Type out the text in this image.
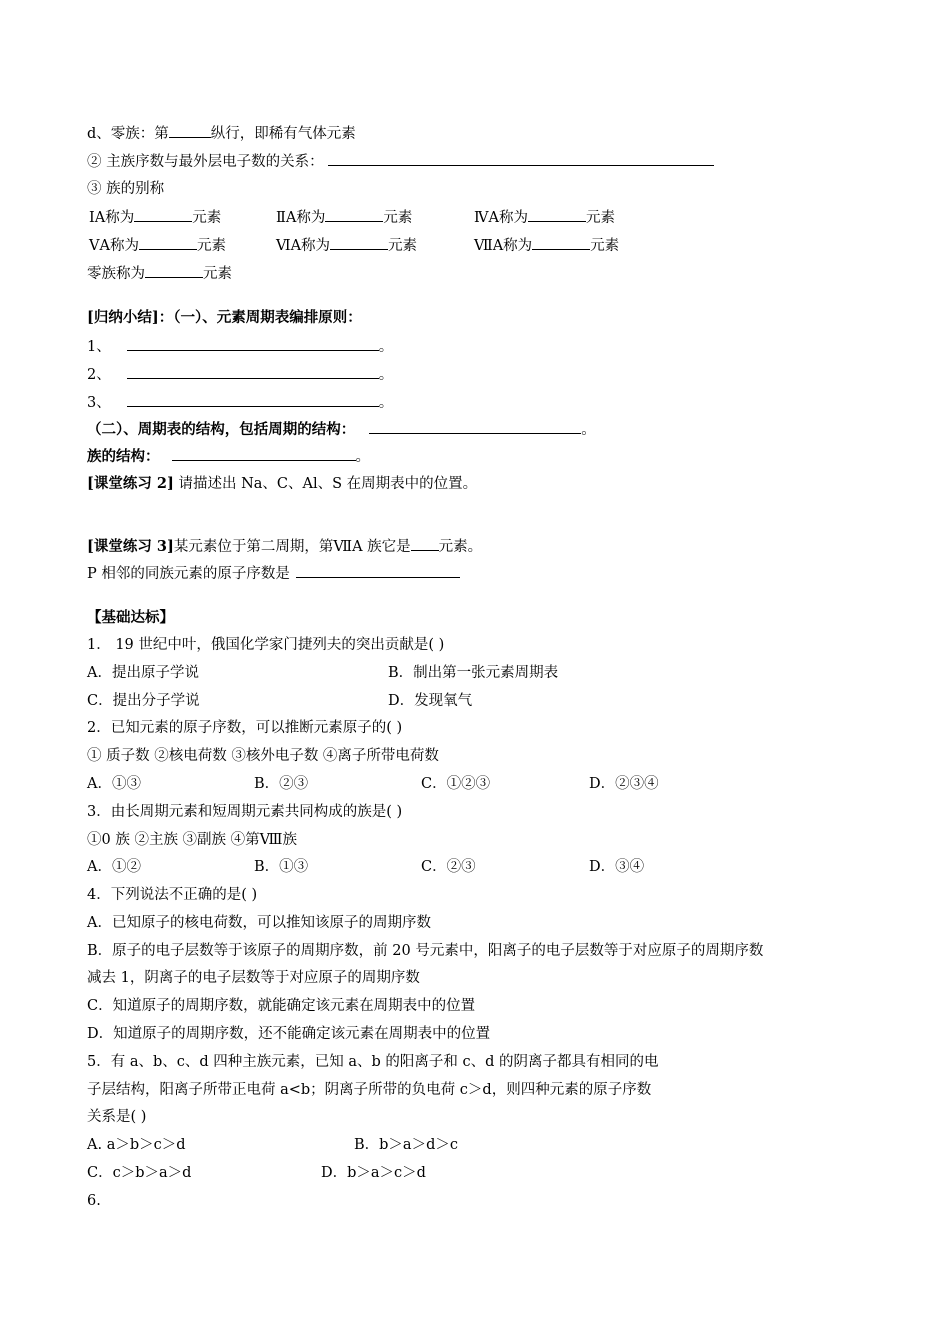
d、零族：第	纵行，即稀有气体元素
② 主族序数与最外层电子数的关系：
③ 族的别称
ⅠA称为	元素	ⅡA称为	元素	ⅣA称为	元素
ⅤA称为	元素	ⅥA称为	元素	ⅦA称为	元素
零族称为	元素
[归纳小结]：（一）、元素周期表编排原则：
1、	。
2、	。
3、	。
（二）、周期表的结构，包括周期的结构：	。
族的结构：	。
[课堂练习 2] 请描述出 Na、C、Al、S 在周期表中的位置。
[课堂练习 3]某元素位于第二周期，第ⅦA 族它是 元素。
P 相邻的同族元素的原子序数是
【基础达标】
1． 19 世纪中叶，俄国化学家门捷列夫的突出贡献是( )
A．提出原子学说	B．制出第一张元素周期表
C．提出分子学说	D．发现氧气
2．已知元素的原子序数，可以推断元素原子的( )
① 质子数 ②核电荷数 ③核外电子数 ④离子所带电荷数
A．①③	B．②③	C．①②③	D．②③④
3．由长周期元素和短周期元素共同构成的族是( )
①0 族 ②主族 ③副族 ④第Ⅷ族
A．①②	B．①③	C．②③	D．③④
4．下列说法不正确的是( )
A．已知原子的核电荷数，可以推知该原子的周期序数
B．原子的电子层数等于该原子的周期序数，前 20 号元素中，阳离子的电子层数等于对应原子的周期序数
减去 1，阴离子的电子层数等于对应原子的周期序数
C．知道原子的周期序数，就能确定该元素在周期表中的位置
D．知道原子的周期序数，还不能确定该元素在周期表中的位置
5．有 a、b、c、d 四种主族元素，已知 a、b 的阳离子和 c、d 的阴离子都具有相同的电
子层结构，阳离子所带正电荷 a<b；阴离子所带的负电荷 c＞d，则四种元素的原子序数
关系是( )
A. a＞b＞c＞d	B．b＞a＞d＞c
C．c＞b＞a＞d	D．b＞a＞c＞d
6.
